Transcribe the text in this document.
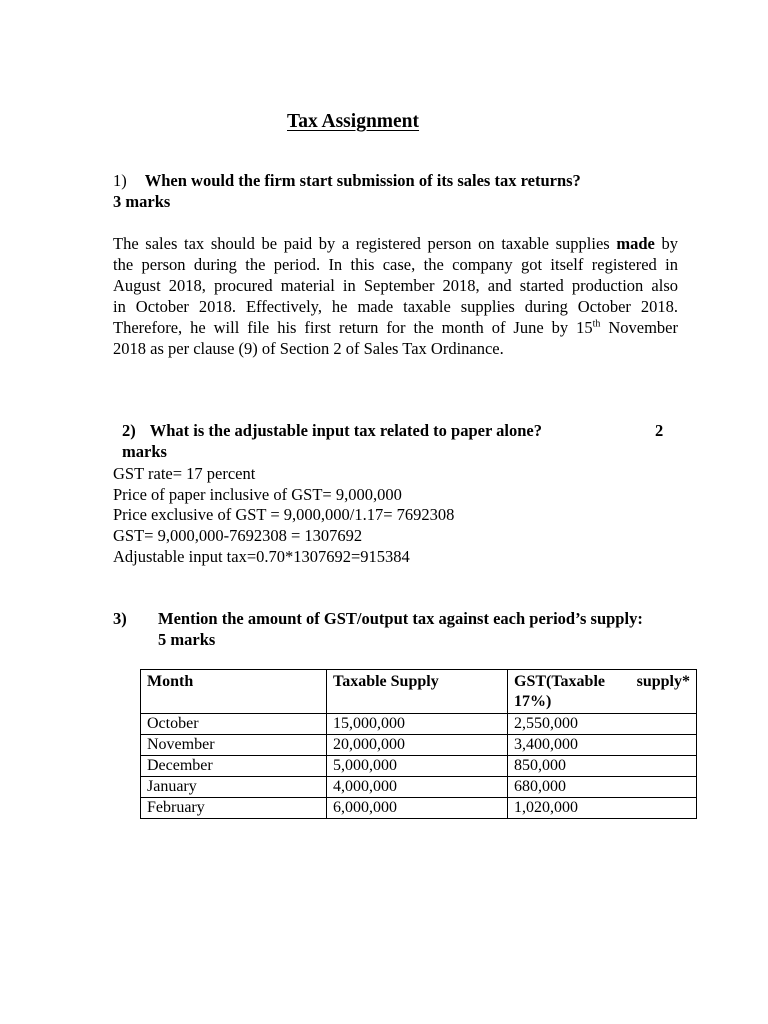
Tax Assignment
1) When would the firm start submission of its sales tax returns?
3 marks
The sales tax should be paid by a registered person on taxable supplies made by
the person during the period. In this case, the company got itself registered in
August 2018, procured material in September 2018, and started production also
in October 2018. Effectively, he made taxable supplies during October 2018.
Therefore, he will file his first return for the month of June by 15th November
2018 as per clause (9) of Section 2 of Sales Tax Ordinance.
2) What is the adjustable input tax related to paper alone?	2
marks
GST rate= 17 percent
Price of paper inclusive of GST= 9,000,000
Price exclusive of GST = 9,000,000/1.17= 7692308
GST= 9,000,000-7692308 = 1307692
Adjustable input tax=0.70*1307692=915384
3) Mention the amount of GST/output tax against each period’s supply:
5 marks
Month	Taxable Supply	GST(Taxable supply*
17%)
October	15,000,000	2,550,000
November	20,000,000	3,400,000
December	5,000,000	850,000
January	4,000,000	680,000
February	6,000,000	1,020,000
